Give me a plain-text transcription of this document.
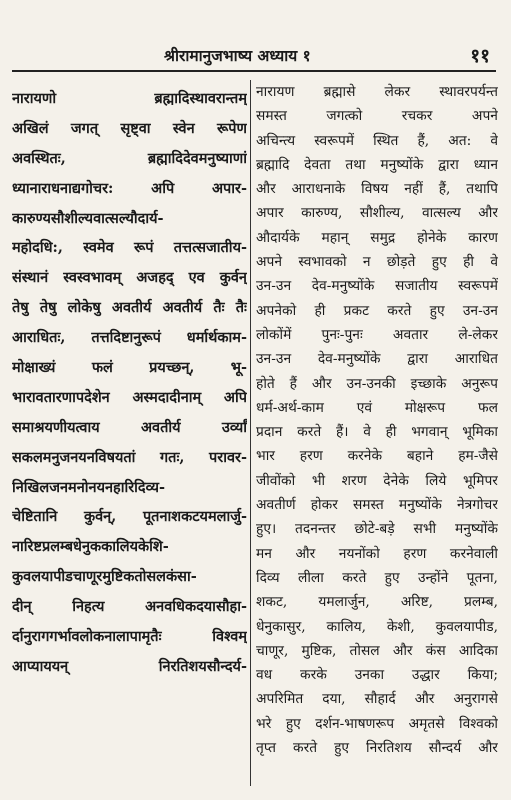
श्रीरामानुजभाष्य अध्याय १	११
नारायणो	ब्रह्मादिस्थावरान्तम्
अखिलं जगत् सृष्ट्वा स्वेन रूपेण
अवस्थितः,	ब्रह्मादिदेवमनुष्याणां
ध्यानाराधनाद्यगोचर:	अपि	अपार-
कारुण्यसौशील्यवात्सल्यौदार्य-
महोदधि:, स्वमेव रूपं तत्तत्सजातीय-
संस्थानं स्वस्वभावम् अजहद् एव कुर्वन्
तेषु तेषु लोकेषु अवतीर्य अवतीर्य तैः तैः
आराधितः, तत्तदिष्टानुरूपं धर्मार्थकाम-
मोक्षाख्यं	फलं	प्रयच्छन्,	भू-
भारावतारणापदेशेन अस्मदादीनाम् अपि
समाश्रयणीयत्वाय	अवतीर्य	उर्व्यां
सकलमनुजनयनविषयतां गतः, परावर-
निखिलजनमनोनयनहारिदिव्य-
चेष्टितानि कुर्वन्, पूतनाशकटयमलार्जु-
नारिष्टप्रलम्बधेनुककालियकेशि-
कुवलयापीडचाणूरमुष्टिकतोसलकंसा-
दीन्	निहत्य	अनवधिकदयासौहा-
र्दानुरागगर्भावलोकनालापामृतैः	विश्वम्
आप्याययन्	निरतिशयसौन्दर्य-
नारायण ब्रह्मासे लेकर स्थावरपर्यन्त
समस्त	जगत्को	रचकर	अपने
अचिन्त्य स्वरूपमें स्थित हैं, अत: वे
ब्रह्मादि देवता तथा मनुष्योंके द्वारा ध्यान
और आराधनाके विषय नहीं हैं, तथापि
अपार कारुण्य, सौशील्य, वात्सल्य और
औदार्यके महान् समुद्र होनेके कारण
अपने स्वभावको न छोड़ते हुए ही वे
उन-उन देव-मनुष्योंके सजातीय स्वरूपमें
अपनेको ही प्रकट करते हुए उन-उन
लोकोंमें पुनः-पुनः अवतार ले-लेकर
उन-उन देव-मनुष्योंके द्वारा आराधित
होते हैं और उन-उनकी इच्छाके अनुरूप
धर्म-अर्थ-काम एवं मोक्षरूप फल
प्रदान करते हैं। वे ही भगवान् भूमिका
भार हरण करनेके बहाने हम-जैसे
जीवोंको भी शरण देनेके लिये भूमिपर
अवतीर्ण होकर समस्त मनुष्योंके नेत्रगोचर
हुए। तदनन्तर छोटे-बड़े सभी मनुष्योंके
मन और नयनोंको हरण करनेवाली
दिव्य लीला करते हुए उन्होंने पूतना,
शकट, यमलार्जुन, अरिष्ट, प्रलम्ब,
धेनुकासुर, कालिय, केशी, कुवलयापीड,
चाणूर, मुष्टिक, तोसल और कंस आदिका
वध करके उनका उद्धार किया;
अपरिमित दया, सौहार्द और अनुरागसे
भरे हुए दर्शन-भाषणरूप अमृतसे विश्वको
तृप्त करते हुए निरतिशय सौन्दर्य और
